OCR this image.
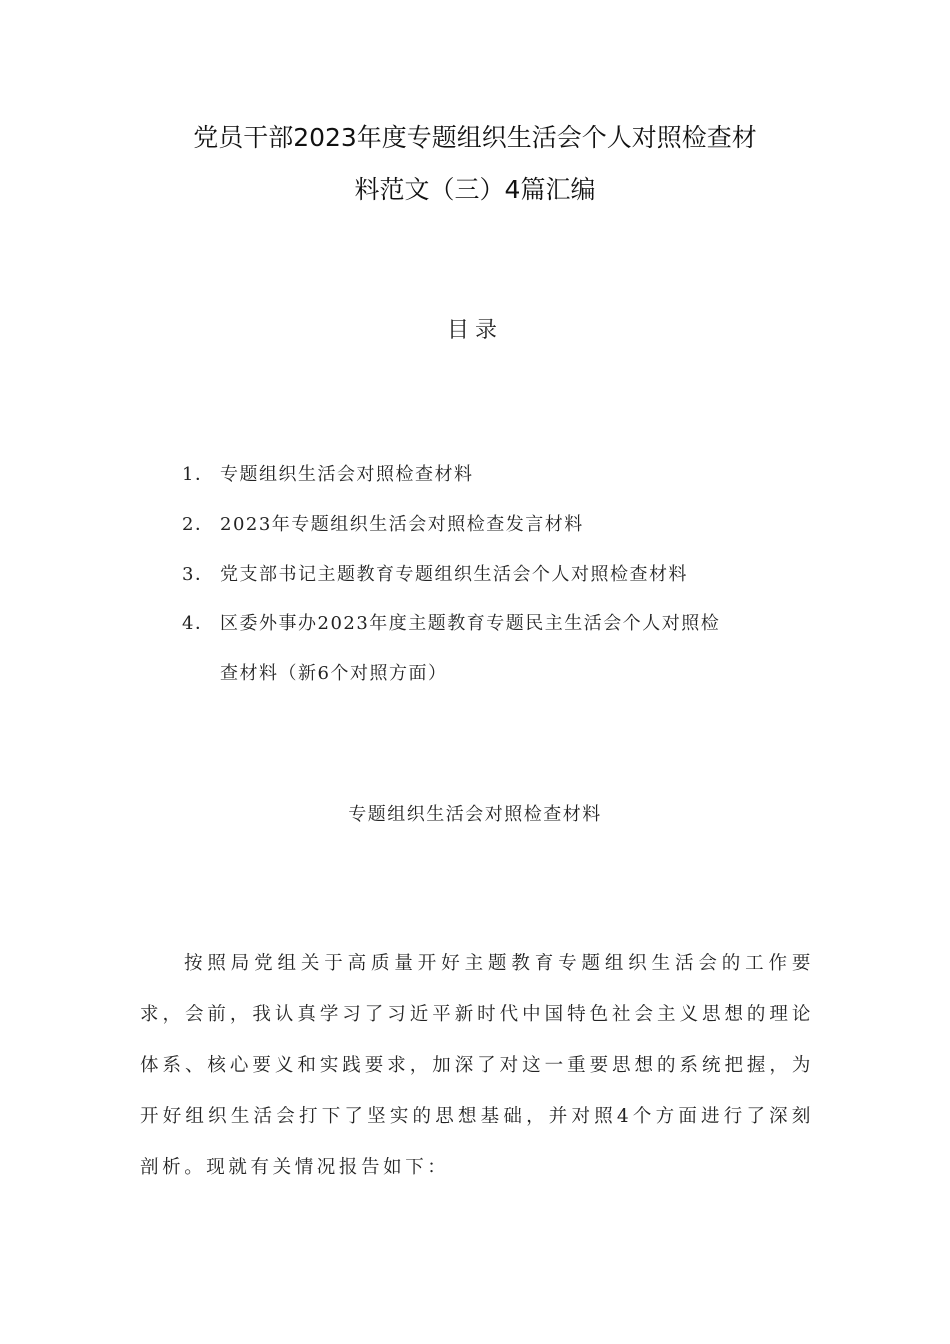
党员干部2023年度专题组织生活会个人对照检查材
料范文（三）4篇汇编
目录
1． 专题组织生活会对照检查材料
2． 2023年专题组织生活会对照检查发言材料
3． 党支部书记主题教育专题组织生活会个人对照检查材料
4． 区委外事办2023年度主题教育专题民主生活会个人对照检
查材料（新6个对照方面）
专题组织生活会对照检查材料
按照局党组关于高质量开好主题教育专题组织生活会的工作要求，会前，我认真学习了习近平新时代中国特色社会主义思想的理论体系、核心要义和实践要求，加深了对这一重要思想的系统把握，为开好组织生活会打下了坚实的思想基础，并对照4个方面进行了深刻剖析。现就有关情况报告如下：
